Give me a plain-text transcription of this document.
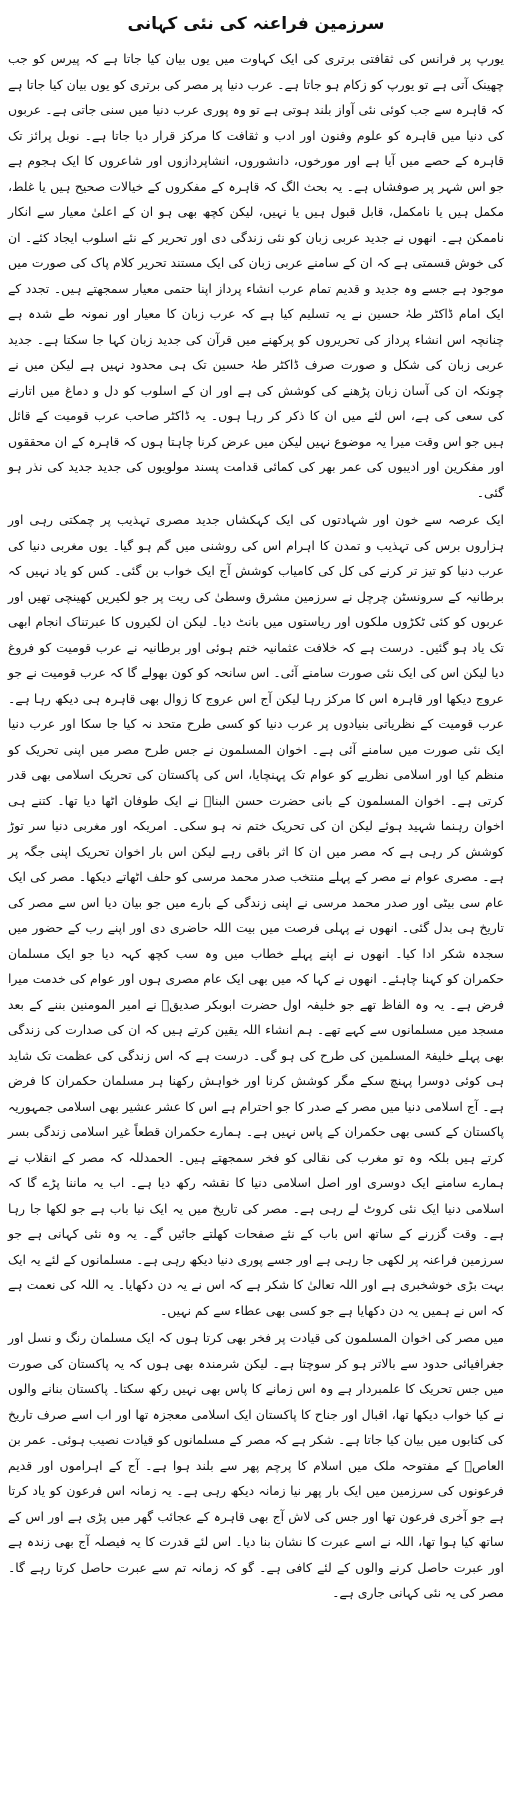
سرزمین فراعنہ کی نئی کہانی

یورپ پر فرانس کی ثقافتی برتری کی ایک کہاوت میں یوں بیان کیا جاتا ہے کہ پیرس کو جب چھینک آتی ہے تو یورپ کو زکام ہو جاتا ہے۔ عرب دنیا پر مصر کی برتری کو یوں بیان کیا جاتا ہے کہ قاہرہ سے جب کوئی نئی آواز بلند ہوتی ہے تو وہ پوری عرب دنیا میں سنی جاتی ہے۔ عربوں کی دنیا میں قاہرہ کو علوم وفنون اور ادب و ثقافت کا مرکز قرار دیا جاتا ہے۔ نوبل پرائز تک قاہرہ کے حصے میں آیا ہے اور مورخوں، دانشوروں، انشاپردازوں اور شاعروں کا ایک ہجوم ہے جو اس شہر پر صوفشاں ہے۔ یہ بحث الگ کہ قاہرہ کے مفکروں کے خیالات صحیح ہیں یا غلط، مکمل ہیں یا نامکمل، قابل قبول ہیں یا نہیں، لیکن کچھ بھی ہو ان کے اعلیٰ معیار سے انکار ناممکن ہے۔ انھوں نے جدید عربی زبان کو نئی زندگی دی اور تحریر کے نئے اسلوب ایجاد کئے۔ ان کی خوش قسمتی ہے کہ ان کے سامنے عربی زبان کی ایک مستند تحریر کلام پاک کی صورت میں موجود ہے جسے وہ جدید و قدیم تمام عرب انشاء پرداز اپنا حتمی معیار سمجھتے ہیں۔ تجدد کے ایک امام ڈاکٹر طہٰ حسین نے یہ تسلیم کیا ہے کہ عرب زبان کا معیار اور نمونہ طے شدہ ہے چنانچہ اس انشاء پرداز کی تحریروں کو پرکھنے میں قرآن کی جدید زبان کہا جا سکتا ہے۔ جدید عربی زبان کی شکل و صورت صرف ڈاکٹر طہٰ حسین تک ہی محدود نہیں ہے لیکن میں نے چونکہ ان کی آسان زبان پڑھنے کی کوشش کی ہے اور ان کے اسلوب کو دل و دماغ میں اتارنے کی سعی کی ہے، اس لئے میں ان کا ذکر کر رہا ہوں۔ یہ ڈاکٹر صاحب عرب قومیت کے قائل ہیں جو اس وقت میرا یہ موضوع نہیں لیکن میں عرض کرنا چاہتا ہوں کہ قاہرہ کے ان محققوں اور مفکرین اور ادیبوں کی عمر بھر کی کمائی قدامت پسند مولویوں کی جدید جدید کی نذر ہو گئی۔

ایک عرصہ سے خون اور شہادتوں کی ایک کہکشاں جدید مصری تہذیب پر چمکتی رہی اور ہزاروں برس کی تہذیب و تمدن کا اہرام اس کی روشنی میں گم ہو گیا۔ یوں مغربی دنیا کی عرب دنیا کو تیز تر کرنے کی کل کی کامیاب کوشش آج ایک خواب بن گئی۔ کس کو یاد نہیں کہ برطانیہ کے سرونسٹن چرچل نے سرزمین مشرق وسطیٰ کی ریت پر جو لکیریں کھینچی تھیں اور عربوں کو کئی ٹکڑوں ملکوں اور ریاستوں میں بانٹ دیا۔ لیکن ان لکیروں کا عبرتناک انجام ابھی تک یاد ہو گئیں۔ درست ہے کہ خلافت عثمانیہ ختم ہوئی اور برطانیہ نے عرب قومیت کو فروغ دیا لیکن اس کی ایک نئی صورت سامنے آئی۔ اس سانحہ کو کون بھولے گا کہ عرب قومیت نے جو عروج دیکھا اور قاہرہ اس کا مرکز رہا لیکن آج اس عروج کا زوال بھی قاہرہ ہی دیکھ رہا ہے۔ عرب قومیت کے نظریاتی بنیادوں پر عرب دنیا کو کسی طرح متحد نہ کیا جا سکا اور عرب دنیا ایک نئی صورت میں سامنے آئی ہے۔ اخوان المسلمون نے جس طرح مصر میں اپنی تحریک کو منظم کیا اور اسلامی نظریے کو عوام تک پہنچایا، اس کی پاکستان کی تحریک اسلامی بھی قدر کرتی ہے۔ اخوان المسلمون کے بانی حضرت حسن البناؒ نے ایک طوفان اٹھا دیا تھا۔ کتنے ہی اخوان رہنما شہید ہوئے لیکن ان کی تحریک ختم نہ ہو سکی۔ امریکہ اور مغربی دنیا سر توڑ کوشش کر رہی ہے کہ مصر میں ان کا اثر باقی رہے لیکن اس بار اخوان تحریک اپنی جگہ پر ہے۔ مصری عوام نے مصر کے پہلے منتخب صدر محمد مرسی کو حلف اٹھاتے دیکھا۔ مصر کی ایک عام سی بیٹی اور صدر محمد مرسی نے اپنی زندگی کے بارے میں جو بیان دیا اس سے مصر کی تاریخ ہی بدل گئی۔ انھوں نے پہلی فرصت میں بیت اللہ حاضری دی اور اپنے رب کے حضور میں سجدہ شکر ادا کیا۔ انھوں نے اپنے پہلے خطاب میں وہ سب کچھ کہہ دیا جو ایک مسلمان حکمران کو کہنا چاہئے۔ انھوں نے کہا کہ میں بھی ایک عام مصری ہوں اور عوام کی خدمت میرا فرض ہے۔ یہ وہ الفاظ تھے جو خلیفہ اول حضرت ابوبکر صدیقؓ نے امیر المومنین بننے کے بعد مسجد میں مسلمانوں سے کہے تھے۔ ہم انشاء اللہ یقین کرتے ہیں کہ ان کی صدارت کی زندگی بھی پہلے خلیفۃ المسلمین کی طرح کی ہو گی۔ درست ہے کہ اس زندگی کی عظمت تک شاید ہی کوئی دوسرا پہنچ سکے مگر کوشش کرنا اور خواہش رکھنا ہر مسلمان حکمران کا فرض ہے۔ آج اسلامی دنیا میں مصر کے صدر کا جو احترام ہے اس کا عشر عشیر بھی اسلامی جمہوریہ پاکستان کے کسی بھی حکمران کے پاس نہیں ہے۔ ہمارے حکمران قطعاً غیر اسلامی زندگی بسر کرتے ہیں بلکہ وہ تو مغرب کی نقالی کو فخر سمجھتے ہیں۔ الحمدللہ کہ مصر کے انقلاب نے ہمارے سامنے ایک دوسری اور اصل اسلامی دنیا کا نقشہ رکھ دیا ہے۔ اب یہ ماننا پڑے گا کہ اسلامی دنیا ایک نئی کروٹ لے رہی ہے۔ مصر کی تاریخ میں یہ ایک نیا باب ہے جو لکھا جا رہا ہے۔ وقت گزرنے کے ساتھ اس باب کے نئے صفحات کھلتے جائیں گے۔ یہ وہ نئی کہانی ہے جو سرزمین فراعنہ پر لکھی جا رہی ہے اور جسے پوری دنیا دیکھ رہی ہے۔ مسلمانوں کے لئے یہ ایک بہت بڑی خوشخبری ہے اور اللہ تعالیٰ کا شکر ہے کہ اس نے یہ دن دکھایا۔ یہ اللہ کی نعمت ہے کہ اس نے ہمیں یہ دن دکھایا ہے جو کسی بھی عطاء سے کم نہیں۔

میں مصر کی اخوان المسلمون کی قیادت پر فخر بھی کرتا ہوں کہ ایک مسلمان رنگ و نسل اور جغرافیائی حدود سے بالاتر ہو کر سوچتا ہے۔ لیکن شرمندہ بھی ہوں کہ یہ پاکستان کی صورت میں جس تحریک کا علمبردار ہے وہ اس زمانے کا پاس بھی نہیں رکھ سکتا۔ پاکستان بنانے والوں نے کیا خواب دیکھا تھا، اقبال اور جناح کا پاکستان ایک اسلامی معجزہ تھا اور اب اسے صرف تاریخ کی کتابوں میں بیان کیا جاتا ہے۔ شکر ہے کہ مصر کے مسلمانوں کو قیادت نصیب ہوئی۔ عمر بن العاصؓ کے مفتوحہ ملک میں اسلام کا پرچم پھر سے بلند ہوا ہے۔ آج کے اہراموں اور قدیم فرعونوں کی سرزمین میں ایک بار پھر نیا زمانہ دیکھ رہی ہے۔ یہ زمانہ اس فرعون کو یاد کرتا ہے جو آخری فرعون تھا اور جس کی لاش آج بھی قاہرہ کے عجائب گھر میں پڑی ہے اور اس کے ساتھ کیا ہوا تھا، اللہ نے اسے عبرت کا نشان بنا دیا۔ اس لئے قدرت کا یہ فیصلہ آج بھی زندہ ہے اور عبرت حاصل کرنے والوں کے لئے کافی ہے۔ گو کہ زمانہ تم سے عبرت حاصل کرتا رہے گا۔ مصر کی یہ نئی کہانی جاری ہے۔
